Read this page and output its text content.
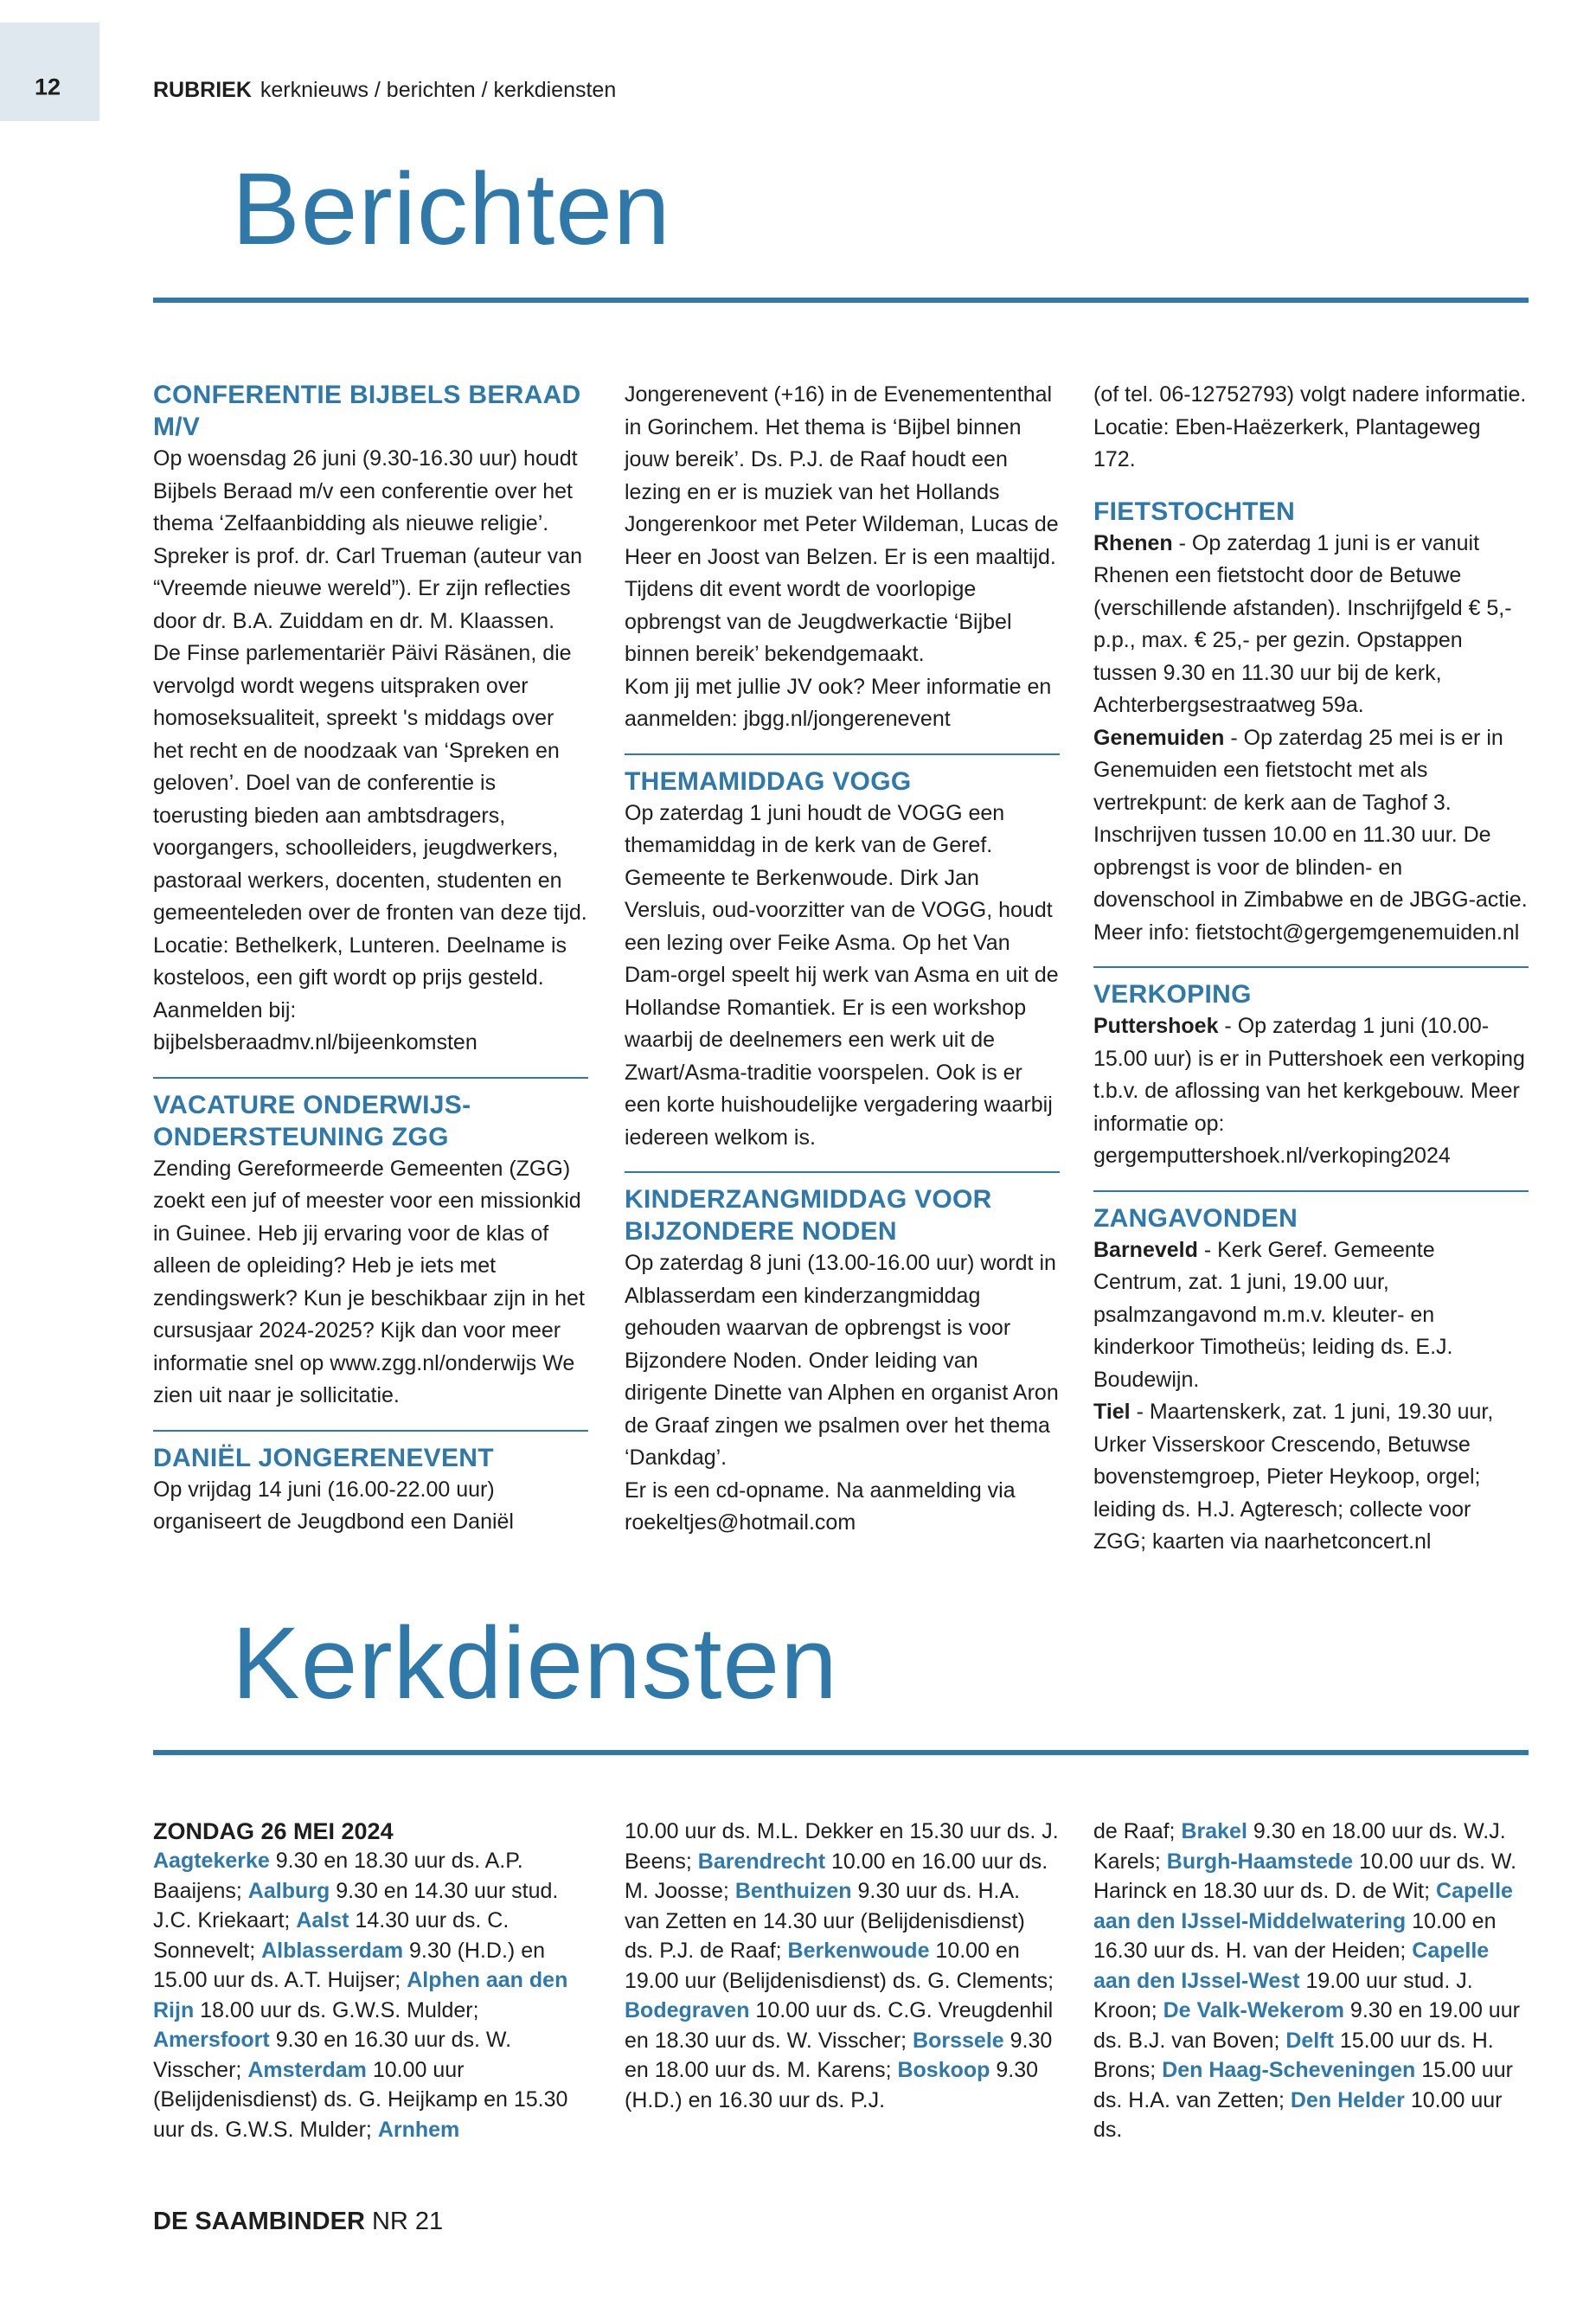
12	RUBRIEK kerknieuws / berichten / kerkdiensten
Berichten
CONFERENTIE BIJBELS BERAAD M/V

Op woensdag 26 juni (9.30-16.30 uur) houdt Bijbels Beraad m/v een conferentie over het thema ‘Zelfaanbidding als nieuwe religie’. Spreker is prof. dr. Carl Trueman (auteur van “Vreemde nieuwe wereld”). Er zijn reflecties door dr. B.A. Zuiddam en dr. M. Klaassen. De Finse parlementariër Päivi Räsänen, die vervolgd wordt wegens uitspraken over homoseksualiteit, spreekt 's middags over het recht en de noodzaak van ‘Spreken en geloven’. Doel van de conferentie is toerusting bieden aan ambtsdragers, voorgangers, schoolleiders, jeugdwerkers, pastoraal werkers, docenten, studenten en gemeenteleden over de fronten van deze tijd. Locatie: Bethelkerk, Lunteren. Deelname is kosteloos, een gift wordt op prijs gesteld. Aanmelden bij: bijbelsberaadmv.nl/bijeenkomsten

VACATURE ONDERWIJS-ONDERSTEUNING ZGG

Zending Gereformeerde Gemeenten (ZGG) zoekt een juf of meester voor een missionkid in Guinee. Heb jij ervaring voor de klas of alleen de opleiding? Heb je iets met zendingswerk? Kun je beschikbaar zijn in het cursusjaar 2024-2025? Kijk dan voor meer informatie snel op www.zgg.nl/onderwijs We zien uit naar je sollicitatie.

DANIËL JONGERENEVENT

Op vrijdag 14 juni (16.00-22.00 uur) organiseert de Jeugdbond een Daniël

Jongerenevent (+16) in de Evenemententhal in Gorinchem. Het thema is ‘Bijbel binnen jouw bereik’. Ds. P.J. de Raaf houdt een lezing en er is muziek van het Hollands Jongerenkoor met Peter Wildeman, Lucas de Heer en Joost van Belzen. Er is een maaltijd. Tijdens dit event wordt de voorlopige opbrengst van de Jeugdwerkactie ‘Bijbel binnen bereik’ bekendgemaakt.

Kom jij met jullie JV ook? Meer informatie en aanmelden: jbgg.nl/jongerenevent

THEMAMIDDAG VOGG

Op zaterdag 1 juni houdt de VOGG een themamiddag in de kerk van de Geref. Gemeente te Berkenwoude. Dirk Jan Versluis, oud-voorzitter van de VOGG, houdt een lezing over Feike Asma. Op het Van Dam-orgel speelt hij werk van Asma en uit de Hollandse Romantiek. Er is een workshop waarbij de deelnemers een werk uit de Zwart/Asma-traditie voorspelen. Ook is er een korte huishoudelijke vergadering waarbij iedereen welkom is.

KINDERZANGMIDDAG VOOR BIJZONDERE NODEN

Op zaterdag 8 juni (13.00-16.00 uur) wordt in Alblasserdam een kinderzangmiddag gehouden waarvan de opbrengst is voor Bijzondere Noden. Onder leiding van dirigente Dinette van Alphen en organist Aron de Graaf zingen we psalmen over het thema ‘Dankdag’.

Er is een cd-opname. Na aanmelding via roekeltjes@hotmail.com

(of tel. 06-12752793) volgt nadere informatie. Locatie: Eben-Haëzerkerk, Plantageweg 172.

FIETSTOCHTEN

Rhenen - Op zaterdag 1 juni is er vanuit Rhenen een fietstocht door de Betuwe (verschillende afstanden). Inschrijfgeld € 5,- p.p., max. € 25,- per gezin. Opstappen tussen 9.30 en 11.30 uur bij de kerk, Achterbergsestraatweg 59a.

Genemuiden - Op zaterdag 25 mei is er in Genemuiden een fietstocht met als vertrekpunt: de kerk aan de Taghof 3. Inschrijven tussen 10.00 en 11.30 uur. De opbrengst is voor de blinden- en dovenschool in Zimbabwe en de JBGG-actie. Meer info: fietstocht@gergemgenemuiden.nl

VERKOPING

Puttershoek - Op zaterdag 1 juni (10.00-15.00 uur) is er in Puttershoek een verkoping t.b.v. de aflossing van het kerkgebouw. Meer informatie op: gergemputtershoek.nl/verkoping2024

ZANGAVONDEN

Barneveld - Kerk Geref. Gemeente Centrum, zat. 1 juni, 19.00 uur, psalmzangavond m.m.v. kleuter- en kinderkoor Timotheüs; leiding ds. E.J. Boudewijn.

Tiel - Maartenskerk, zat. 1 juni, 19.30 uur, Urker Visserskoor Crescendo, Betuwse bovenstemgroep, Pieter Heykoop, orgel; leiding ds. H.J. Agteresch; collecte voor ZGG; kaarten via naarhetconcert.nl

Kerkdiensten

ZONDAG 26 MEI 2024

Aagtekerke 9.30 en 18.30 uur ds. A.P. Baaijens; Aalburg 9.30 en 14.30 uur stud. J.C. Kriekaart; Aalst 14.30 uur ds. C. Sonnevelt; Alblasserdam 9.30 (H.D.) en 15.00 uur ds. A.T. Huijser; Alphen aan den Rijn 18.00 uur ds. G.W.S. Mulder; Amersfoort 9.30 en 16.30 uur ds. W. Visscher; Amsterdam 10.00 uur (Belijdenisdienst) ds. G. Heijkamp en 15.30 uur ds. G.W.S. Mulder; Arnhem

10.00 uur ds. M.L. Dekker en 15.30 uur ds. J. Beens; Barendrecht 10.00 en 16.00 uur ds. M. Joosse; Benthuizen 9.30 uur ds. H.A. van Zetten en 14.30 uur (Belijdenisdienst) ds. P.J. de Raaf; Berkenwoude 10.00 en 19.00 uur (Belijdenisdienst) ds. G. Clements; Bodegraven 10.00 uur ds. C.G. Vreugdenhil en 18.30 uur ds. W. Visscher; Borssele 9.30 en 18.00 uur ds. M. Karens; Boskoop 9.30 (H.D.) en 16.30 uur ds. P.J.

de Raaf; Brakel 9.30 en 18.00 uur ds. W.J. Karels; Burgh-Haamstede 10.00 uur ds. W. Harinck en 18.30 uur ds. D. de Wit; Capelle aan den IJssel-Middelwatering 10.00 en 16.30 uur ds. H. van der Heiden; Capelle aan den IJssel-West 19.00 uur stud. J. Kroon; De Valk-Wekerom 9.30 en 19.00 uur ds. B.J. van Boven; Delft 15.00 uur ds. H. Brons; Den Haag-Scheveningen 15.00 uur ds. H.A. van Zetten; Den Helder 10.00 uur ds.

DE SAAMBINDER NR 21
